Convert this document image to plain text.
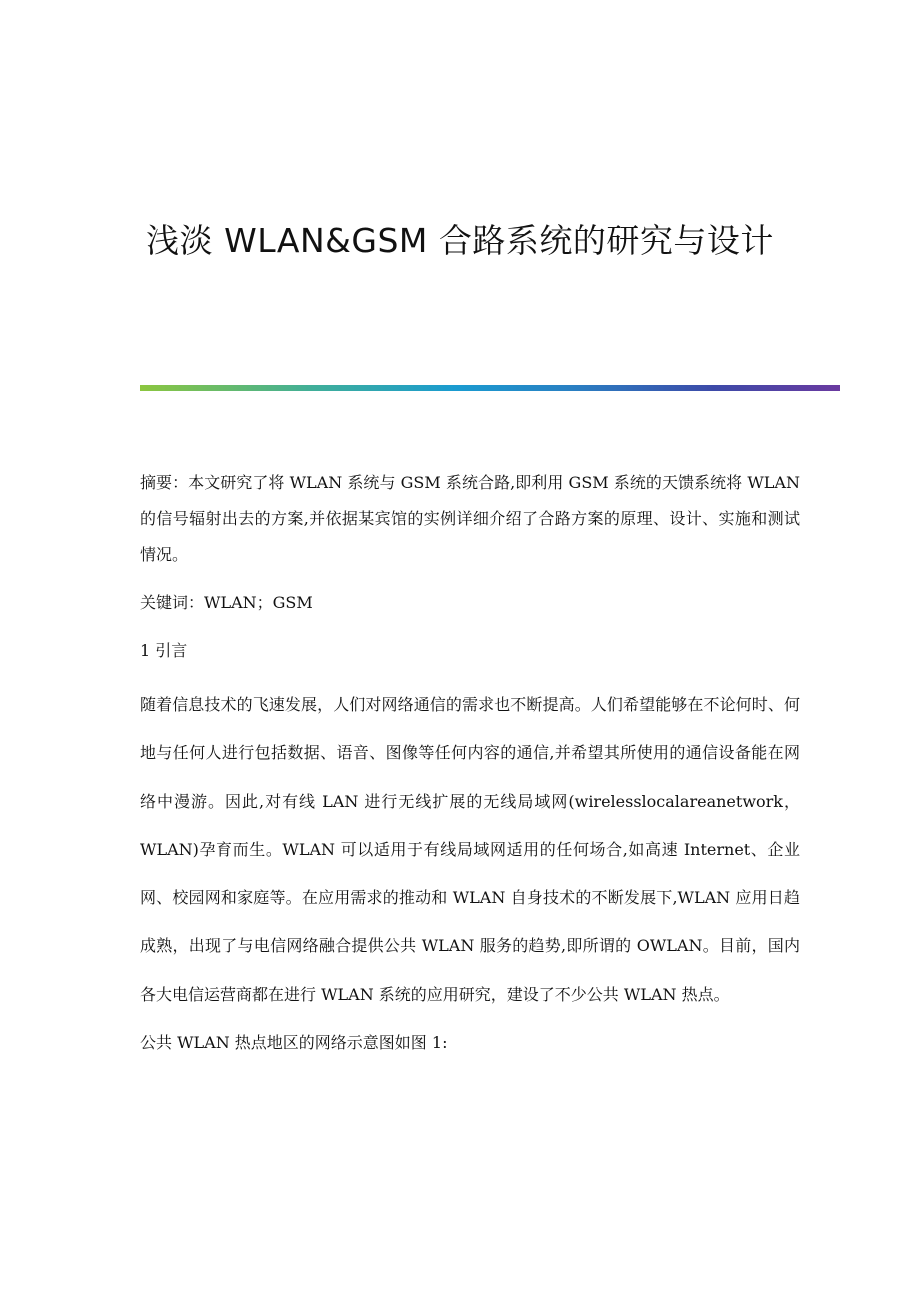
浅淡 WLAN&GSM 合路系统的研究与设计

摘要：本文研究了将 WLAN 系统与 GSM 系统合路,即利用 GSM 系统的天馈系统将 WLAN 的信号辐射出去的方案,并依据某宾馆的实例详细介绍了合路方案的原理、设计、实施和测试情况。

关键词：WLAN；GSM

1 引言

随着信息技术的飞速发展，人们对网络通信的需求也不断提高。人们希望能够在不论何时、何地与任何人进行包括数据、语音、图像等任何内容的通信,并希望其所使用的通信设备能在网络中漫游。因此,对有线 LAN 进行无线扩展的无线局域网(wirelesslocalareanetwork，WLAN)孕育而生。WLAN 可以适用于有线局域网适用的任何场合,如高速 Internet、企业网、校园网和家庭等。在应用需求的推动和 WLAN 自身技术的不断发展下,WLAN 应用日趋成熟，出现了与电信网络融合提供公共 WLAN 服务的趋势,即所谓的 OWLAN。目前，国内各大电信运营商都在进行 WLAN 系统的应用研究，建设了不少公共 WLAN 热点。

公共 WLAN 热点地区的网络示意图如图 1:
